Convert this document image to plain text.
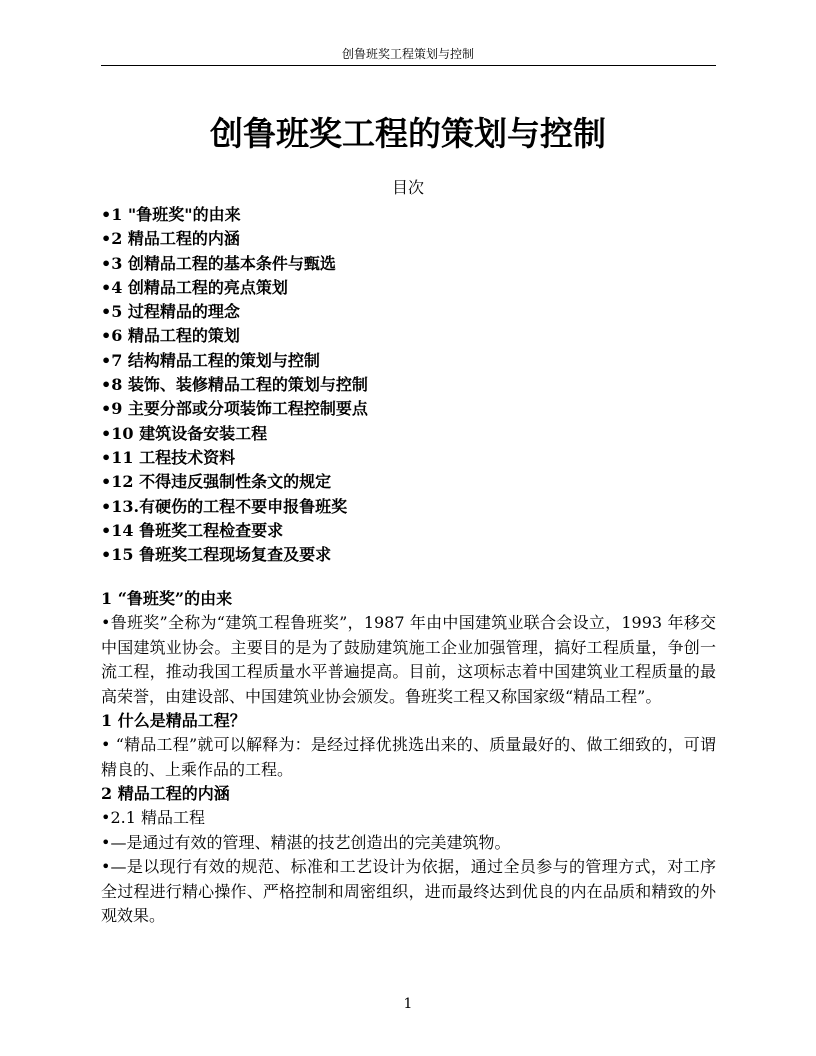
创鲁班奖工程策划与控制
创鲁班奖工程的策划与控制
目次
•1 "鲁班奖"的由来
•2 精品工程的内涵
•3 创精品工程的基本条件与甄选
•4 创精品工程的亮点策划
•5 过程精品的理念
•6 精品工程的策划
•7 结构精品工程的策划与控制
•8 装饰、装修精品工程的策划与控制
•9 主要分部或分项装饰工程控制要点
•10 建筑设备安装工程
•11 工程技术资料
•12 不得违反强制性条文的规定
•13.有硬伤的工程不要申报鲁班奖
•14 鲁班奖工程检查要求
•15 鲁班奖工程现场复查及要求

1 “鲁班奖”的由来

•鲁班奖”全称为“建筑工程鲁班奖”，1987 年由中国建筑业联合会设立，1993 年移交中国建筑业协会。主要目的是为了鼓励建筑施工企业加强管理，搞好工程质量，争创一流工程，推动我国工程质量水平普遍提高。目前，这项标志着中国建筑业工程质量的最高荣誉，由建设部、中国建筑业协会颁发。鲁班奖工程又称国家级“精品工程”。

1 什么是精品工程？

• “精品工程”就可以解释为：是经过择优挑选出来的、质量最好的、做工细致的，可谓精良的、上乘作品的工程。

2 精品工程的内涵

•2.1 精品工程

•—是通过有效的管理、精湛的技艺创造出的完美建筑物。

•—是以现行有效的规范、标准和工艺设计为依据，通过全员参与的管理方式，对工序全过程进行精心操作、严格控制和周密组织，进而最终达到优良的内在品质和精致的外观效果。

1
